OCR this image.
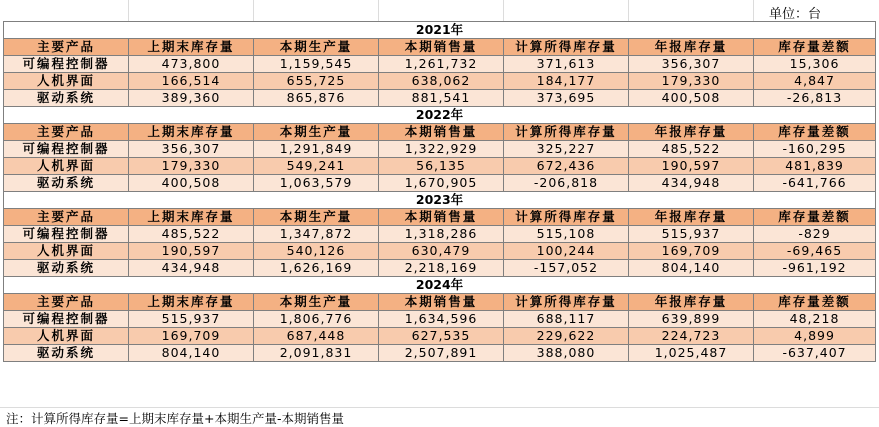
单位：台
2021年						
主要产品	上期末库存量	本期生产量	本期销售量	计算所得库存量	年报库存量	库存量差额
可编程控制器	473,800	1,159,545	1,261,732	371,613	356,307	15,306
人机界面	166,514	655,725	638,062	184,177	179,330	4,847
驱动系统	389,360	865,876	881,541	373,695	400,508	-26,813
2022年						
主要产品	上期末库存量	本期生产量	本期销售量	计算所得库存量	年报库存量	库存量差额
可编程控制器	356,307	1,291,849	1,322,929	325,227	485,522	-160,295
人机界面	179,330	549,241	56,135	672,436	190,597	481,839
驱动系统	400,508	1,063,579	1,670,905	-206,818	434,948	-641,766
2023年						
主要产品	上期末库存量	本期生产量	本期销售量	计算所得库存量	年报库存量	库存量差额
可编程控制器	485,522	1,347,872	1,318,286	515,108	515,937	-829
人机界面	190,597	540,126	630,479	100,244	169,709	-69,465
驱动系统	434,948	1,626,169	2,218,169	-157,052	804,140	-961,192
2024年						
主要产品	上期末库存量	本期生产量	本期销售量	计算所得库存量	年报库存量	库存量差额
可编程控制器	515,937	1,806,776	1,634,596	688,117	639,899	48,218
人机界面	169,709	687,448	627,535	229,622	224,723	4,899
驱动系统	804,140	2,091,831	2,507,891	388,080	1,025,487	-637,407
注：计算所得库存量=上期末库存量+本期生产量-本期销售量
